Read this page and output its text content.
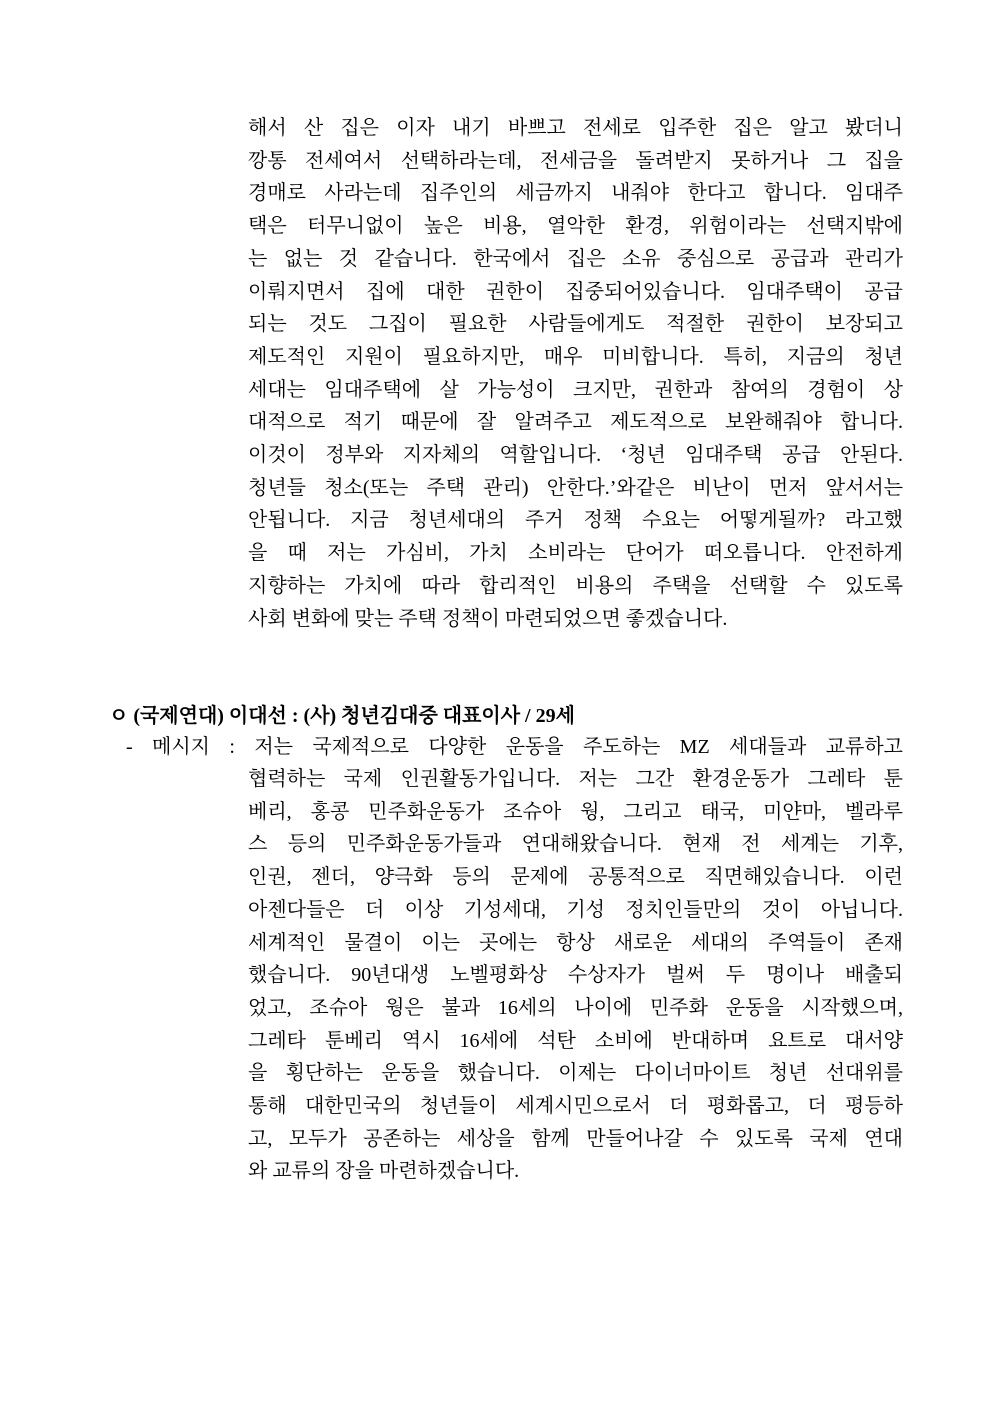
해서 산 집은 이자 내기 바쁘고 전세로 입주한 집은 알고 봤더니
깡통 전세여서 선택하라는데, 전세금을 돌려받지 못하거나 그 집을
경매로 사라는데 집주인의 세금까지 내줘야 한다고 합니다. 임대주
택은 터무니없이 높은 비용, 열악한 환경, 위험이라는 선택지밖에
는 없는 것 같습니다. 한국에서 집은 소유 중심으로 공급과 관리가
이뤄지면서 집에 대한 권한이 집중되어있습니다. 임대주택이 공급
되는 것도 그집이 필요한 사람들에게도 적절한 권한이 보장되고
제도적인 지원이 필요하지만, 매우 미비합니다. 특히, 지금의 청년
세대는 임대주택에 살 가능성이 크지만, 권한과 참여의 경험이 상
대적으로 적기 때문에 잘 알려주고 제도적으로 보완해줘야 합니다.
이것이 정부와 지자체의 역할입니다. ‘청년 임대주택 공급 안된다.
청년들 청소(또는 주택 관리) 안한다.’와같은 비난이 먼저 앞서서는
안됩니다. 지금 청년세대의 주거 정책 수요는 어떻게될까? 라고했
을 때 저는 가심비, 가치 소비라는 단어가 떠오릅니다. 안전하게
지향하는 가치에 따라 합리적인 비용의 주택을 선택할 수 있도록
사회 변화에 맞는 주택 정책이 마련되었으면 좋겠습니다.
ㅇ (국제연대) 이대선 : (사) 청년김대중 대표이사 / 29세
- 메시지 : 저는 국제적으로 다양한 운동을 주도하는 MZ 세대들과 교류하고
협력하는 국제 인권활동가입니다. 저는 그간 환경운동가 그레타 툰
베리, 홍콩 민주화운동가 조슈아 웡, 그리고 태국, 미얀마, 벨라루
스 등의 민주화운동가들과 연대해왔습니다. 현재 전 세계는 기후,
인권, 젠더, 양극화 등의 문제에 공통적으로 직면해있습니다. 이런
아젠다들은 더 이상 기성세대, 기성 정치인들만의 것이 아닙니다.
세계적인 물결이 이는 곳에는 항상 새로운 세대의 주역들이 존재
했습니다. 90년대생 노벨평화상 수상자가 벌써 두 명이나 배출되
었고, 조슈아 웡은 불과 16세의 나이에 민주화 운동을 시작했으며,
그레타 툰베리 역시 16세에 석탄 소비에 반대하며 요트로 대서양
을 횡단하는 운동을 했습니다. 이제는 다이너마이트 청년 선대위를
통해 대한민국의 청년들이 세계시민으로서 더 평화롭고, 더 평등하
고, 모두가 공존하는 세상을 함께 만들어나갈 수 있도록 국제 연대
와 교류의 장을 마련하겠습니다.
